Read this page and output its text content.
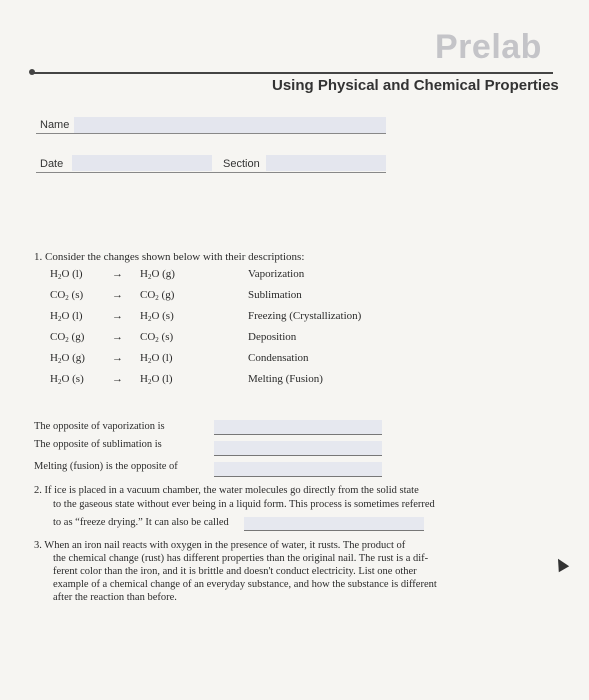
Prelab
Using Physical and Chemical Properties
Name
Date	Section
1. Consider the changes shown below with their descriptions:
$H_2O$ (l)	→ $H_2O$ (g)	Vaporization
$CO_2$ (s)	→ $CO_2$ (g)	Sublimation
$H_2O$ (l)	→ $H_2O$ (s)	Freezing (Crystallization)
$CO_2$ (g)	→ $CO_2$ (s)	Deposition
$H_2O$ (g)	→ $H_2O$ (l)	Condensation
$H_2O$ (s)	→ $H_2O$ (l)	Melting (Fusion)
The opposite of vaporization is
The opposite of sublimation is
Melting (fusion) is the opposite of
2. If ice is placed in a vacuum chamber, the water molecules go directly from the solid state
to the gaseous state without ever being in a liquid form. This process is sometimes referred
to as “freeze drying.” It can also be called
3. When an iron nail reacts with oxygen in the presence of water, it rusts. The product of
the chemical change (rust) has different properties than the original nail. The rust is a dif-
ferent color than the iron, and it is brittle and doesn't conduct electricity. List one other
example of a chemical change of an everyday substance, and how the substance is different
after the reaction than before.
